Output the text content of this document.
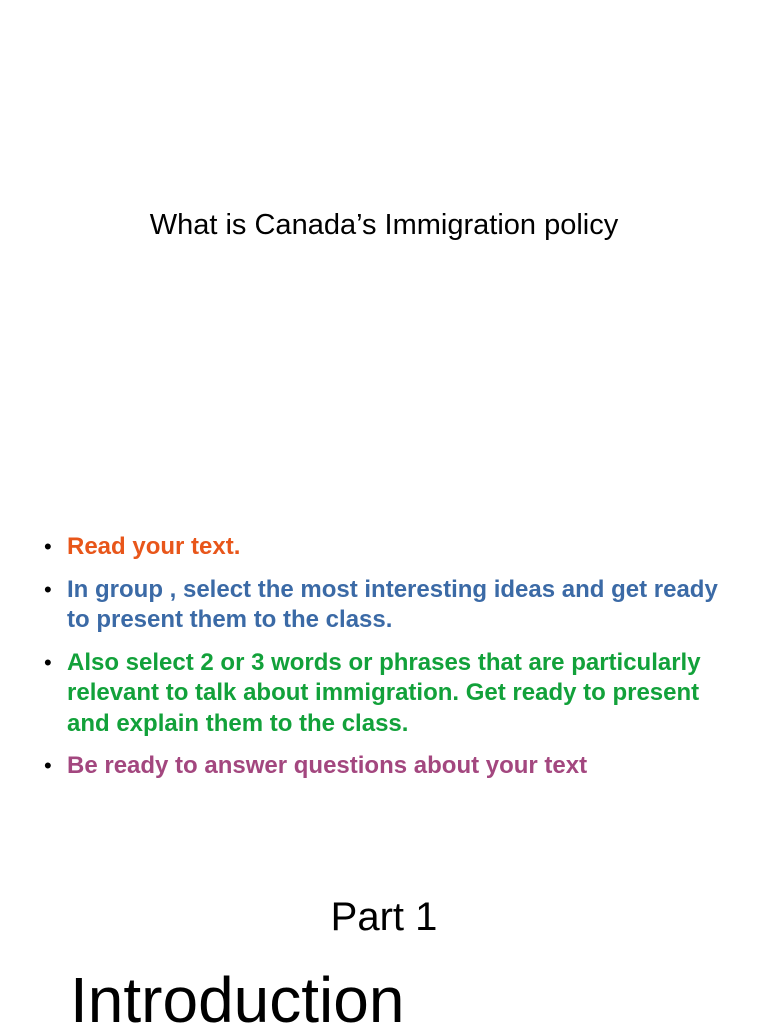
What is Canada’s Immigration policy
• Read your text.
• In group , select the most interesting ideas and get ready to present them to the class.
• Also select 2 or 3 words or phrases that are particularly relevant to talk about immigration. Get ready to present and explain them to the class.
• Be ready to answer questions about your text
Part 1
Introduction
